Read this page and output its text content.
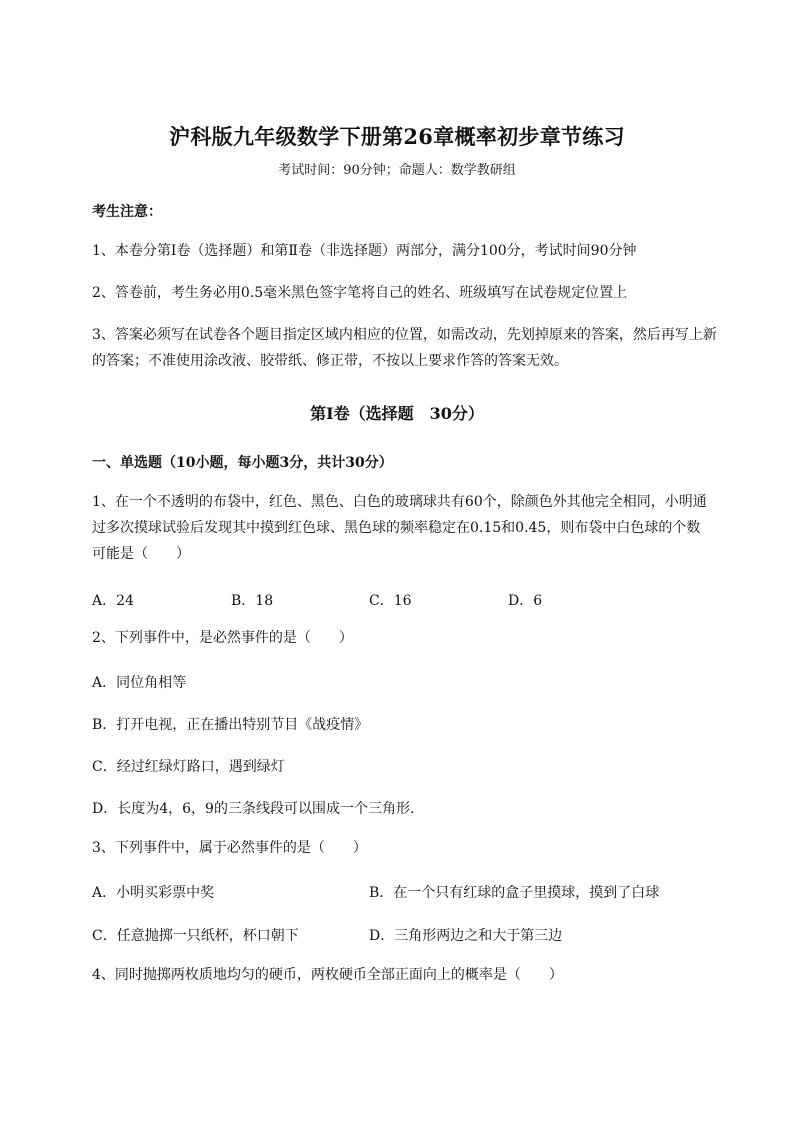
沪科版九年级数学下册第26章概率初步章节练习
考试时间：90分钟；命题人：数学教研组
考生注意：
1、本卷分第I卷（选择题）和第Ⅱ卷（非选择题）两部分，满分100分，考试时间90分钟
2、答卷前，考生务必用0.5毫米黑色签字笔将自己的姓名、班级填写在试卷规定位置上
3、答案必须写在试卷各个题目指定区域内相应的位置，如需改动，先划掉原来的答案，然后再写上新
的答案；不准使用涂改液、胶带纸、修正带，不按以上要求作答的答案无效。
第I卷（选择题　30分）
一、单选题（10小题，每小题3分，共计30分）
1、在一个不透明的布袋中，红色、黑色、白色的玻璃球共有60个，除颜色外其他完全相同，小明通
过多次摸球试验后发现其中摸到红色球、黑色球的频率稳定在0.15和0.45，则布袋中白色球的个数
可能是（　　）
A．24	B．18	C．16	D．6
2、下列事件中，是必然事件的是（　　）
A．同位角相等
B．打开电视，正在播出特别节目《战疫情》
C．经过红绿灯路口，遇到绿灯
D．长度为4，6，9的三条线段可以围成一个三角形.
3、下列事件中，属于必然事件的是（　　）
A．小明买彩票中奖	B．在一个只有红球的盒子里摸球，摸到了白球
C．任意抛掷一只纸杯，杯口朝下	D．三角形两边之和大于第三边
4、同时抛掷两枚质地均匀的硬币，两枚硬币全部正面向上的概率是（　　）
